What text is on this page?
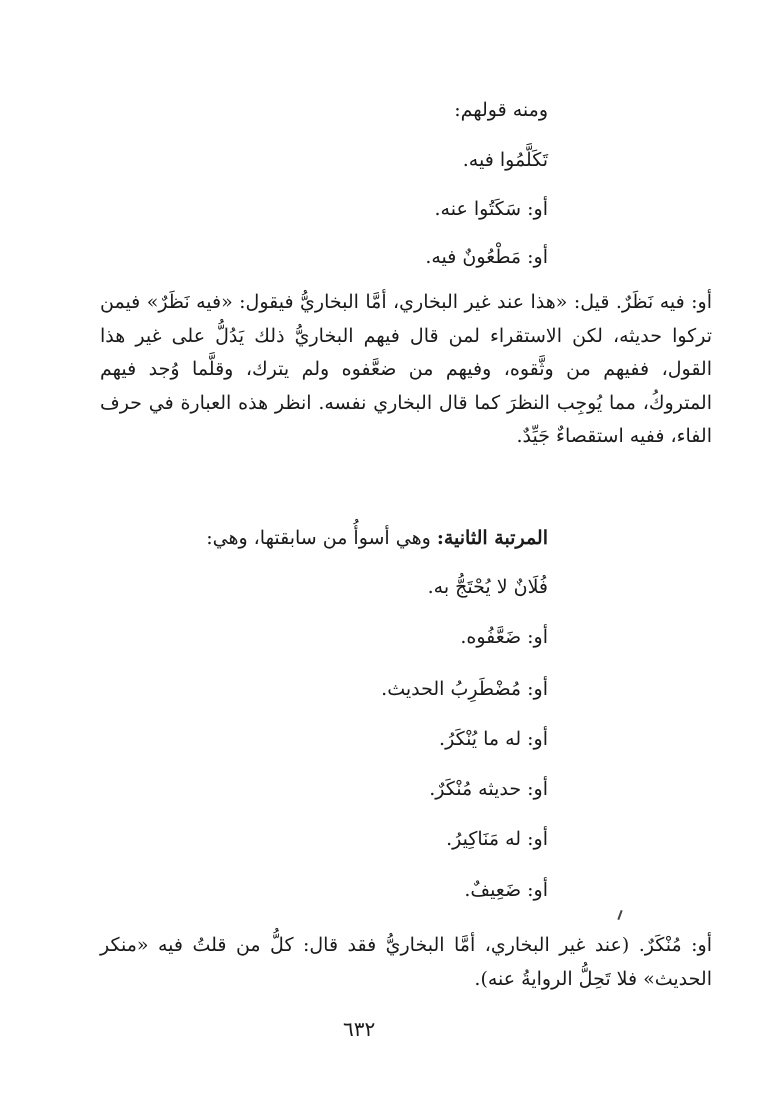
ومنه قولهم:
تَكَلَّمُوا فيه.
أو: سَكَتُوا عنه.
أو: مَطْعُونٌ فيه.
أو: فيه نَظَرٌ. قيل: «هذا عند غير البخاري، أمَّا البخاريُّ فيقول: «فيه نَظَرٌ» فيمن تركوا حديثه، لكن الاستقراء لمن قال فيهم البخاريُّ ذلك يَدُلُّ على غير هذا القول، ففيهم من وثَّقوه، وفيهم من ضعَّفوه ولم يترك، وقلَّما وُجد فيهم المتروكُ، مما يُوجِب النظرَ كما قال البخاري نفسه. انظر هذه العبارة في حرف الفاء، ففيه استقصاءٌ جَيِّدٌ.
المرتبة الثانية: وهي أسوأُ من سابقتها، وهي:
فُلَانٌ لا يُحْتَجُّ به.
أو: ضَعَّفُوه.
أو: مُضْطَرِبُ الحديث.
أو: له ما يُنْكَرُ.
أو: حديثه مُنْكَرٌ.
أو: له مَنَاكِيرُ.
أو: ضَعِيفٌ.
أو: مُنْكَرٌ. (عند غير البخاري، أمَّا البخاريُّ فقد قال: كلُّ من قلتُ فيه «منكر الحديث» فلا تَحِلُّ الروايةُ عنه).
٦٣٢
